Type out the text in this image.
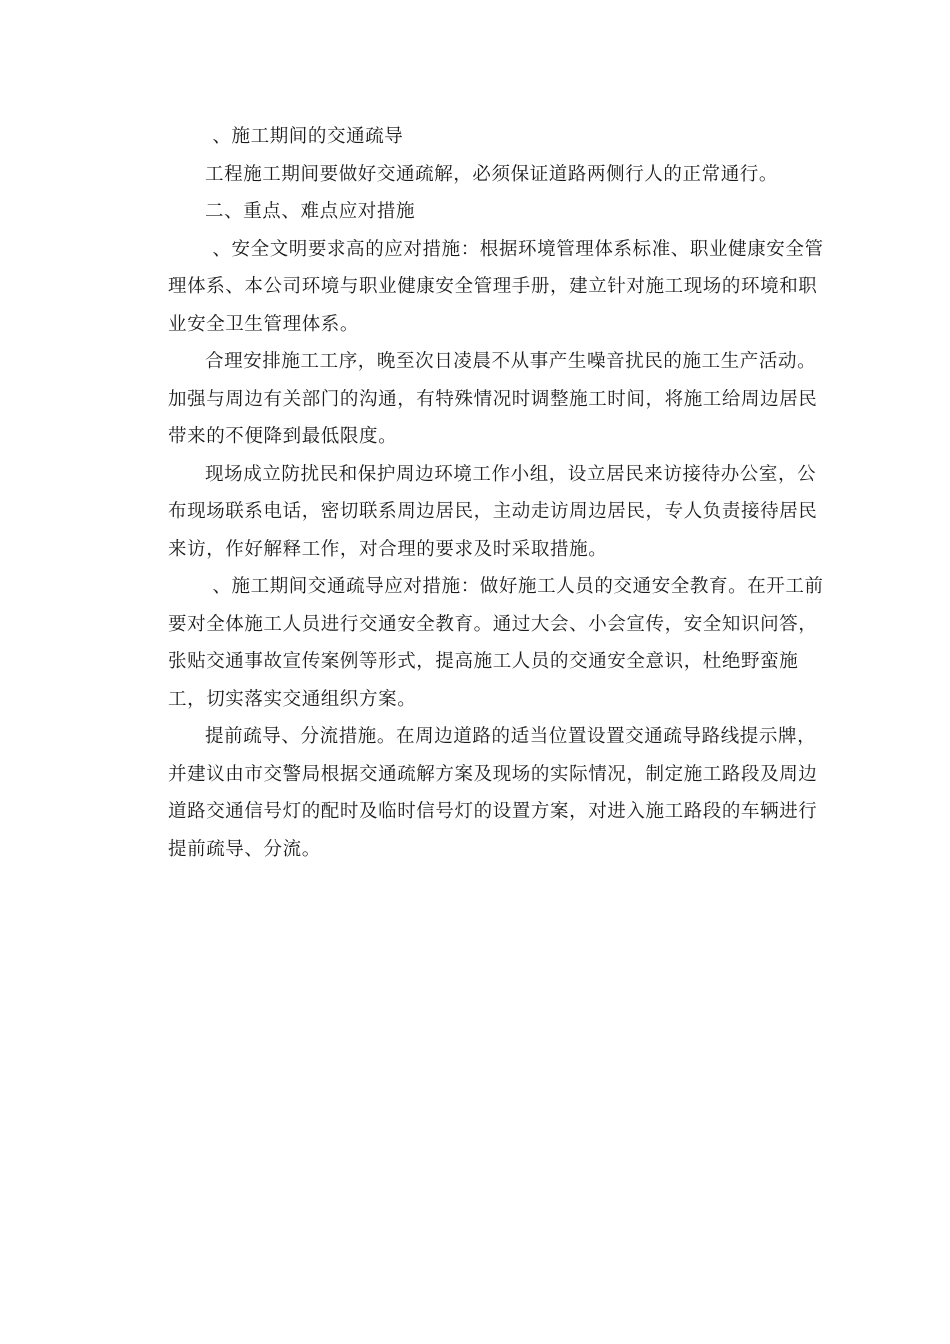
、施工期间的交通疏导

工程施工期间要做好交通疏解，必须保证道路两侧行人的正常通行。

二、重点、难点应对措施

、安全文明要求高的应对措施：根据环境管理体系标准、职业健康安全管理体系、本公司环境与职业健康安全管理手册，建立针对施工现场的环境和职业安全卫生管理体系。

合理安排施工工序，晚至次日凌晨不从事产生噪音扰民的施工生产活动。加强与周边有关部门的沟通，有特殊情况时调整施工时间，将施工给周边居民带来的不便降到最低限度。

现场成立防扰民和保护周边环境工作小组，设立居民来访接待办公室，公布现场联系电话，密切联系周边居民，主动走访周边居民，专人负责接待居民来访，作好解释工作，对合理的要求及时采取措施。

、施工期间交通疏导应对措施：做好施工人员的交通安全教育。在开工前要对全体施工人员进行交通安全教育。通过大会、小会宣传，安全知识问答，张贴交通事故宣传案例等形式，提高施工人员的交通安全意识，杜绝野蛮施工，切实落实交通组织方案。

提前疏导、分流措施。在周边道路的适当位置设置交通疏导路线提示牌，并建议由市交警局根据交通疏解方案及现场的实际情况，制定施工路段及周边道路交通信号灯的配时及临时信号灯的设置方案，对进入施工路段的车辆进行提前疏导、分流。
